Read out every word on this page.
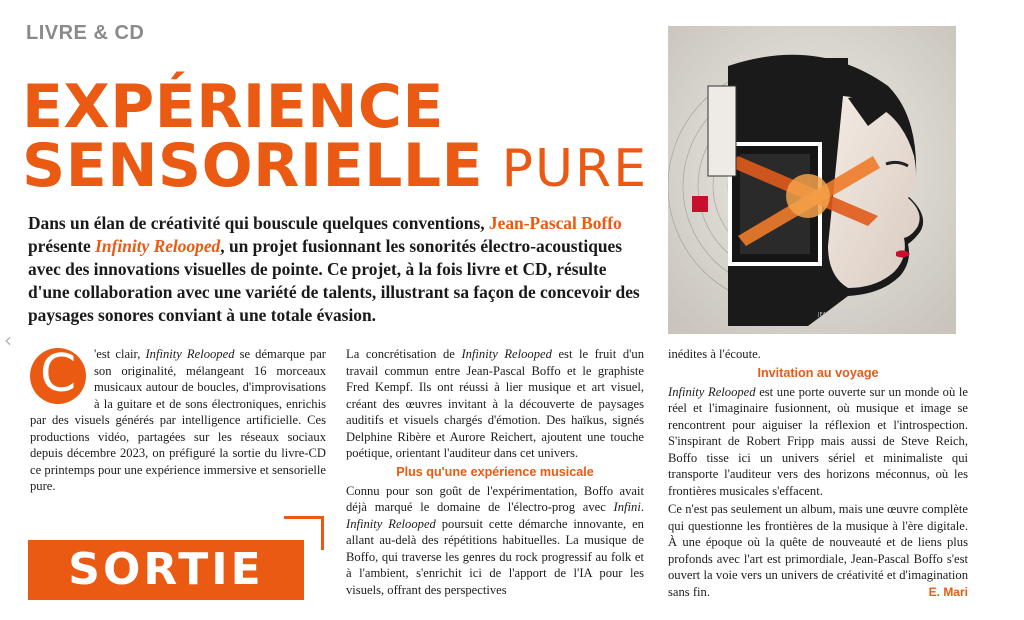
LIVRE & CD
EXPÉRIENCE
SENSORIELLE PURE
JEAN-PASCAL BOFFO
INFINITY RELOOPED

Dans un élan de créativité qui bouscule quelques conventions, Jean-Pascal Boffo présente Infinity Relooped, un projet fusionnant les sonorités électro-acoustiques avec des innovations visuelles de pointe. Ce projet, à la fois livre et CD, résulte d'une collaboration avec une variété de talents, illustrant sa façon de concevoir des paysages sonores conviant à une totale évasion.

‹
C	'est clair, Infinity Relooped se démarque par son originalité, mélangeant 16 morceaux musicaux autour de boucles, d'improvisations à la guitare et de sons électroniques, enrichis par des visuels générés par intelligence artificielle. Ces productions vidéo, partagées sur les réseaux sociaux depuis décembre 2023, on préfiguré la sortie du livre-CD ce printemps pour une expérience immersive et sensorielle pure.

SORTIE

La concrétisation de Infinity Relooped est le fruit d'un travail commun entre Jean-Pascal Boffo et le graphiste Fred Kempf. Ils ont réussi à lier musique et art visuel, créant des œuvres invitant à la découverte de paysages auditifs et visuels chargés d'émotion. Des haïkus, signés Delphine Ribère et Aurore Reichert, ajoutent une touche poétique, orientant l'auditeur dans cet univers.

Plus qu'une expérience musicale

Connu pour son goût de l'expérimentation, Boffo avait déjà marqué le domaine de l'électro-prog avec Infini. Infinity Relooped poursuit cette démarche innovante, en allant au-delà des répétitions habituelles. La musique de Boffo, qui traverse les genres du rock progressif au folk et à l'ambient, s'enrichit ici de l'apport de l'IA pour les visuels, offrant des perspectives

inédites à l'écoute.

Invitation au voyage

Infinity Relooped est une porte ouverte sur un monde où le réel et l'imaginaire fusionnent, où musique et image se rencontrent pour aiguiser la réflexion et l'introspection. S'inspirant de Robert Fripp mais aussi de Steve Reich, Boffo tisse ici un univers sériel et minimaliste qui transporte l'auditeur vers des horizons méconnus, où les frontières musicales s'effacent.

Ce n'est pas seulement un album, mais une œuvre complète qui questionne les frontières de la musique à l'ère digitale. À une époque où la quête de nouveauté et de liens plus profonds avec l'art est primordiale, Jean-Pascal Boffo s'est ouvert la voie vers un univers de créativité et d'imagination sans fin.	E. Mari
